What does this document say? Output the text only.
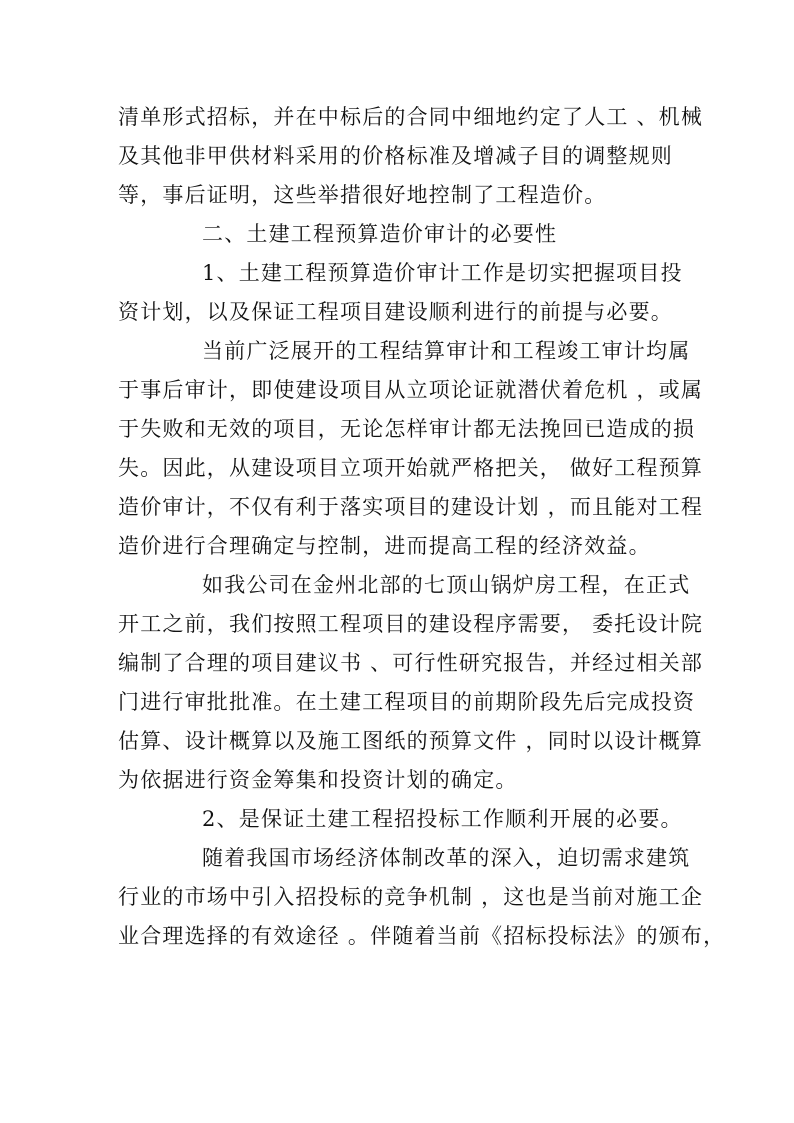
清单形式招标，并在中标后的合同中细地约定了人工 、机械
及其他非甲供材料采用的价格标准及增减子目的调整规则
等，事后证明，这些举措很好地控制了工程造价。
二、土建工程预算造价审计的必要性
1、土建工程预算造价审计工作是切实把握项目投
资计划，以及保证工程项目建设顺利进行的前提与必要。
当前广泛展开的工程结算审计和工程竣工审计均属
于事后审计，即使建设项目从立项论证就潜伏着危机 ，或属
于失败和无效的项目，无论怎样审计都无法挽回已造成的损
失。因此，从建设项目立项开始就严格把关， 做好工程预算
造价审计，不仅有利于落实项目的建设计划 ，而且能对工程
造价进行合理确定与控制，进而提高工程的经济效益。
如我公司在金州北部的七顶山锅炉房工程，在正式
开工之前，我们按照工程项目的建设程序需要， 委托设计院
编制了合理的项目建议书 、可行性研究报告，并经过相关部
门进行审批批准。在土建工程项目的前期阶段先后完成投资
估算、设计概算以及施工图纸的预算文件 ，同时以设计概算
为依据进行资金筹集和投资计划的确定。
2、是保证土建工程招投标工作顺利开展的必要。
随着我国市场经济体制改革的深入，迫切需求建筑
行业的市场中引入招投标的竞争机制 ，这也是当前对施工企
业合理选择的有效途径 。伴随着当前《招标投标法》的颁布，
